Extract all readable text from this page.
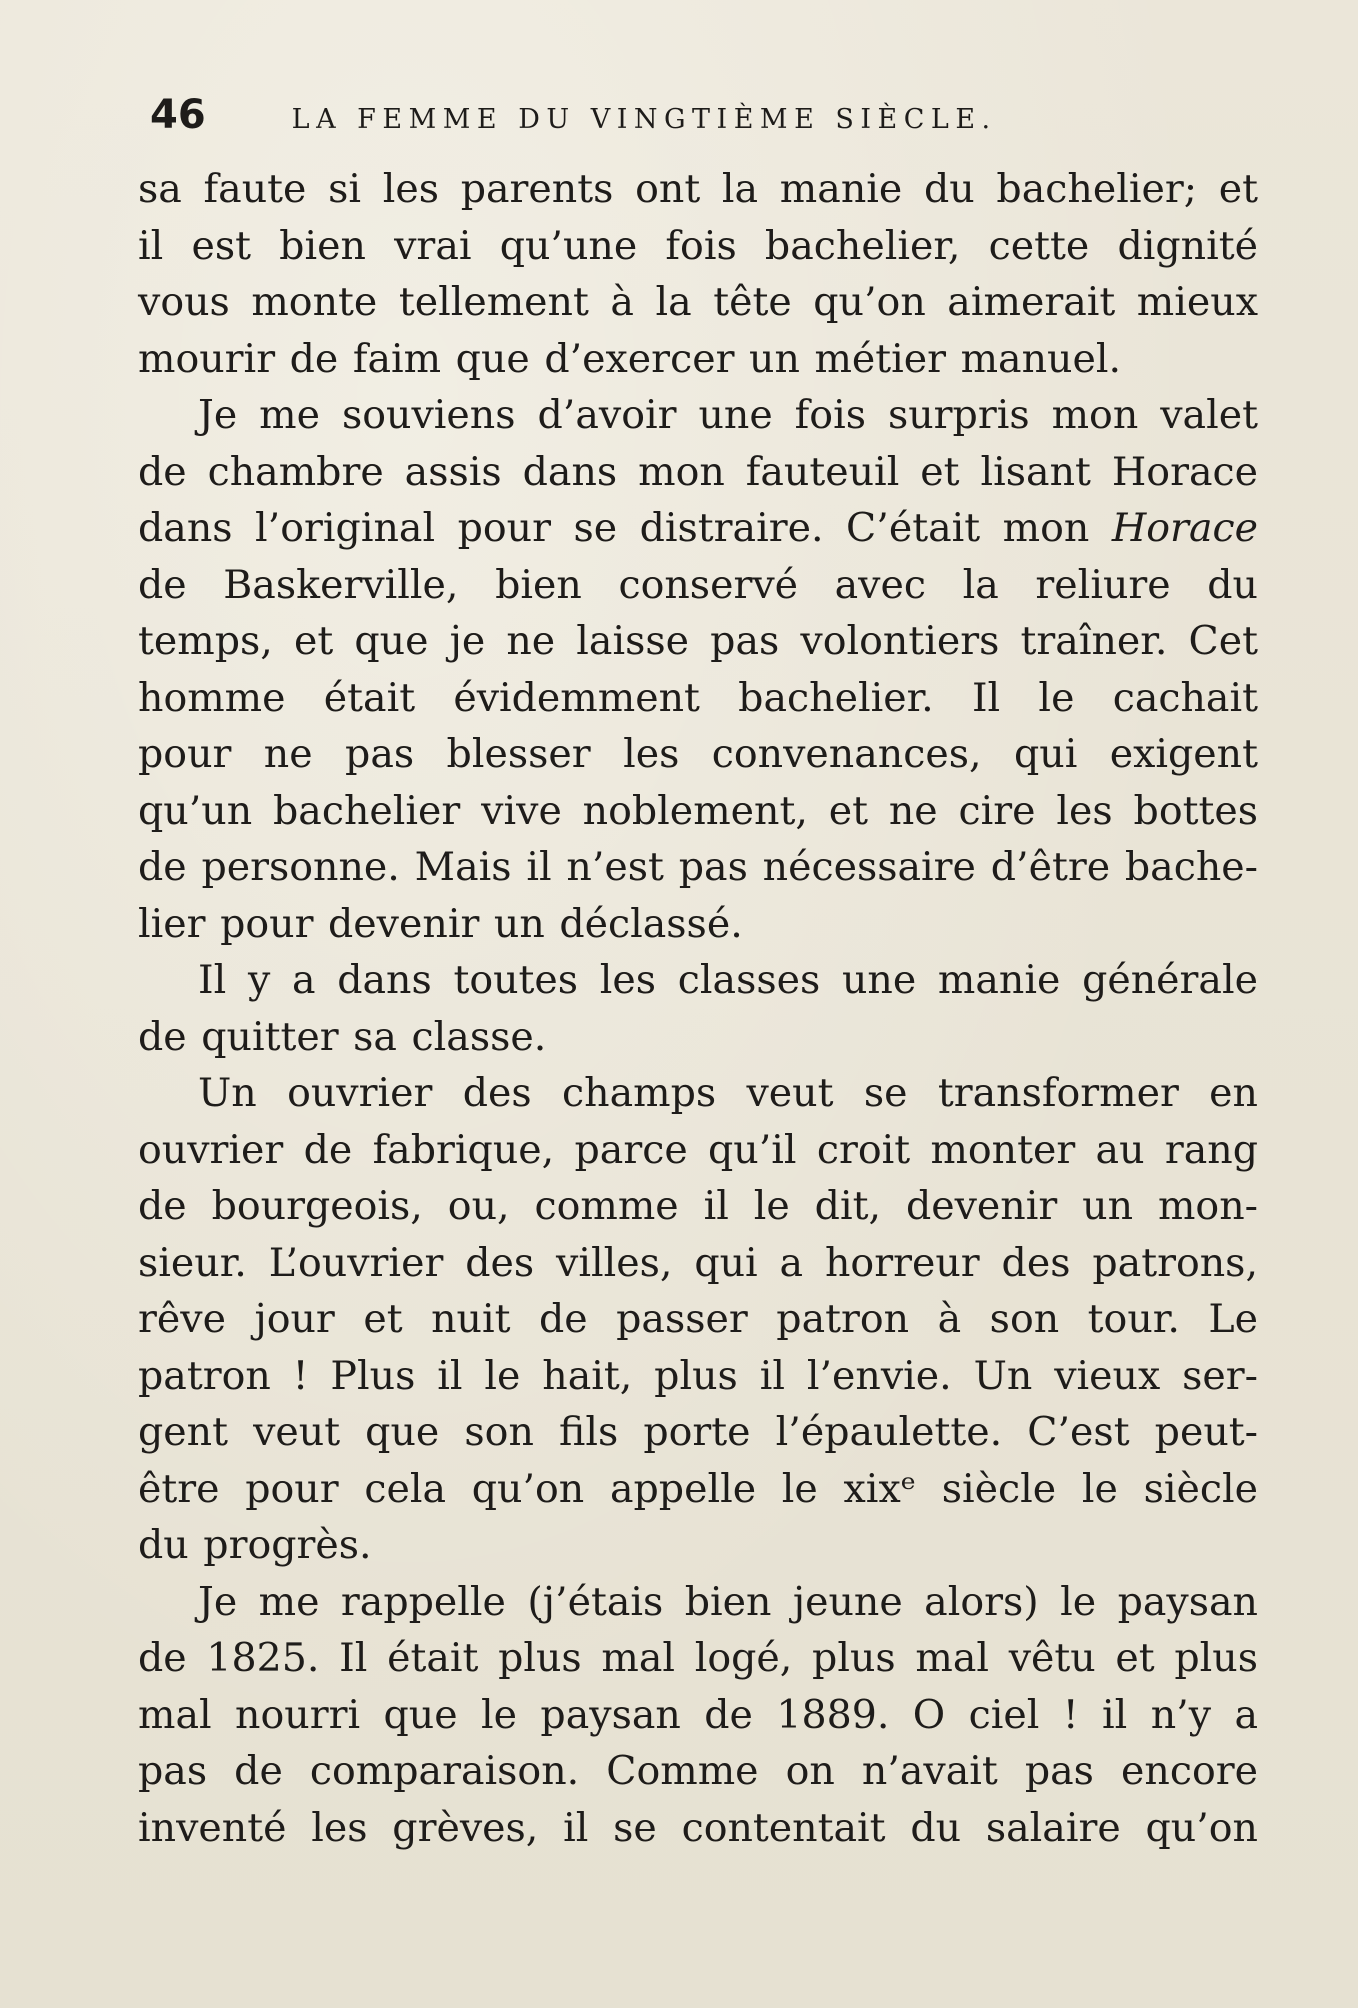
46	LA FEMME DU VINGTIÈME SIÈCLE.
sa faute si les parents ont la manie du bachelier; et
il est bien vrai qu’une fois bachelier, cette dignité
vous monte tellement à la tête qu’on aimerait mieux
mourir de faim que d’exercer un métier manuel.
Je me souviens d’avoir une fois surpris mon valet
de chambre assis dans mon fauteuil et lisant Horace
dans l’original pour se distraire. C’était mon Horace
de Baskerville, bien conservé avec la reliure du
temps, et que je ne laisse pas volontiers traîner. Cet
homme était évidemment bachelier. Il le cachait
pour ne pas blesser les convenances, qui exigent
qu’un bachelier vive noblement, et ne cire les bottes
de personne. Mais il n’est pas nécessaire d’être bache-
lier pour devenir un déclassé.
Il y a dans toutes les classes une manie générale
de quitter sa classe.
Un ouvrier des champs veut se transformer en
ouvrier de fabrique, parce qu’il croit monter au rang
de bourgeois, ou, comme il le dit, devenir un mon-
sieur. L’ouvrier des villes, qui a horreur des patrons,
rêve jour et nuit de passer patron à son tour. Le
patron ! Plus il le hait, plus il l’envie. Un vieux ser-
gent veut que son fils porte l’épaulette. C’est peut-
être pour cela qu’on appelle le xixᵉ siècle le siècle
du progrès.
Je me rappelle (j’étais bien jeune alors) le paysan
de 1825. Il était plus mal logé, plus mal vêtu et plus
mal nourri que le paysan de 1889. O ciel ! il n’y a
pas de comparaison. Comme on n’avait pas encore
inventé les grèves, il se contentait du salaire qu’on
